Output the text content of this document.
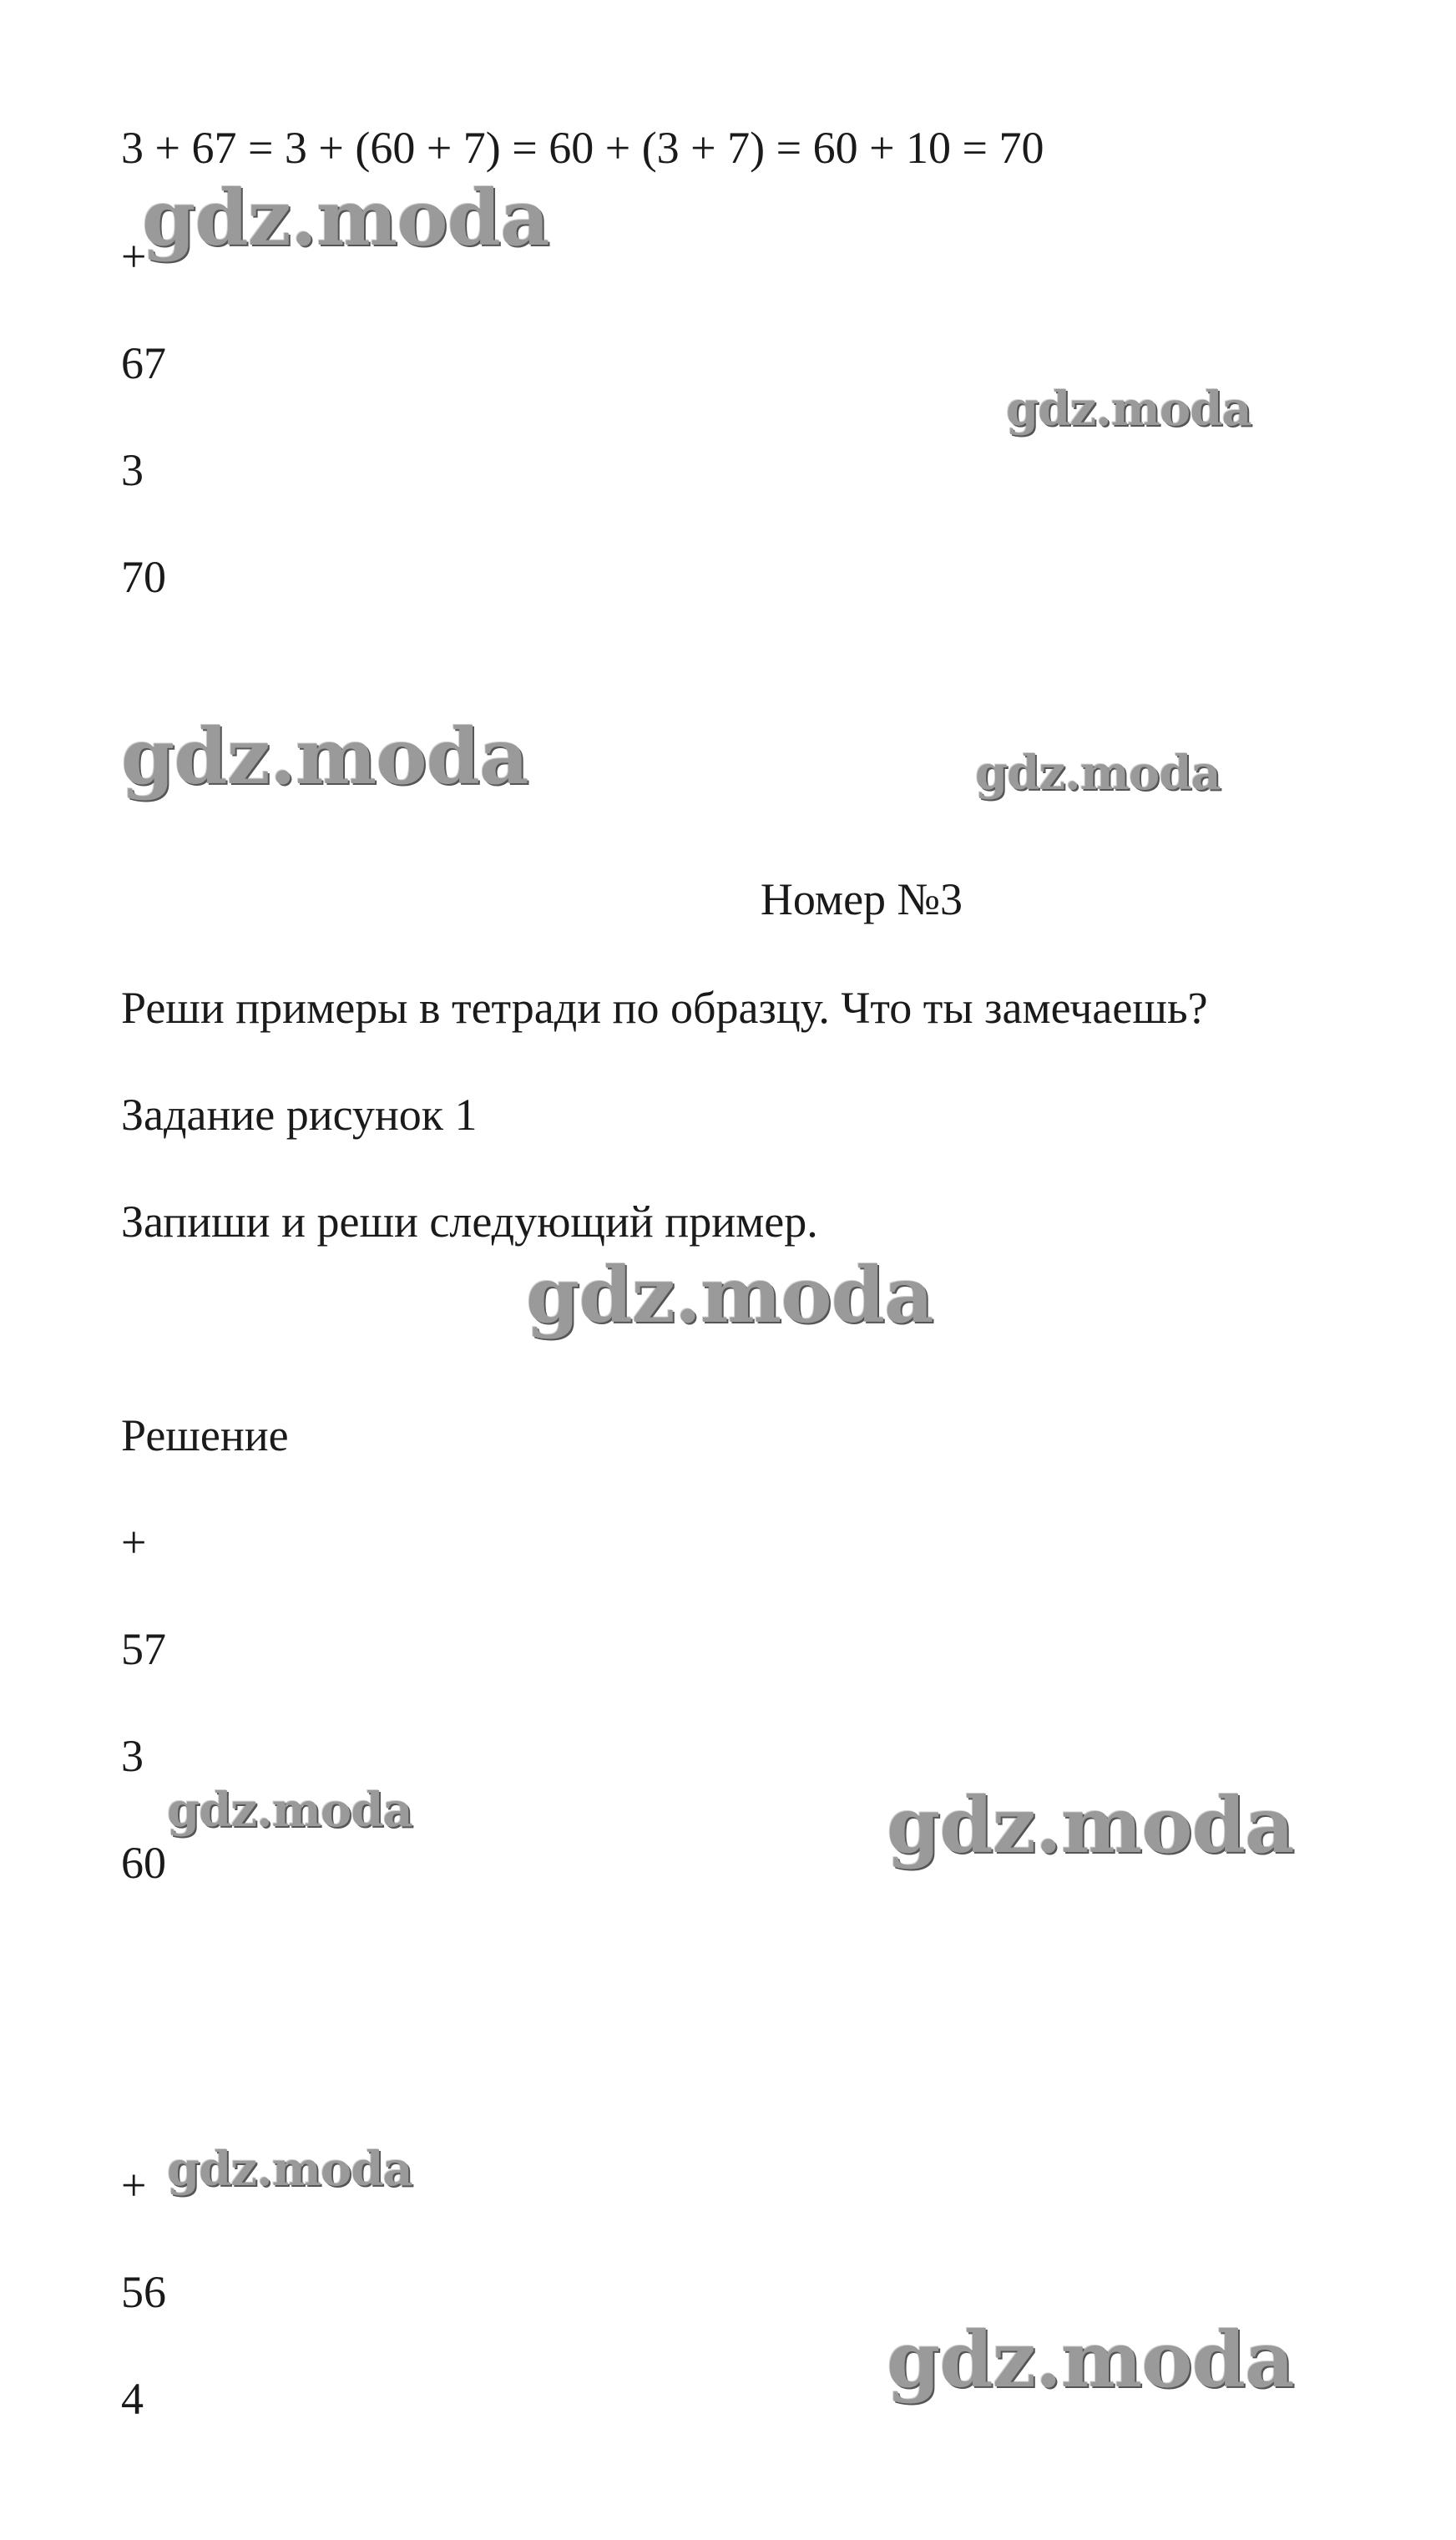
3 + 67 = 3 + (60 + 7) = 60 + (3 + 7) = 60 + 10 = 70
+
67
3
70
Номер №3
Реши примеры в тетради по образцу. Что ты замечаешь?
Задание рисунок 1
Запиши и реши следующий пример.
Решение
+
57
3
60
+
56
4
gdz.moda
gdz.moda
gdz.moda	gdz.moda
gdz.moda
gdz.moda	gdz.moda
gdz.moda
gdz.moda
